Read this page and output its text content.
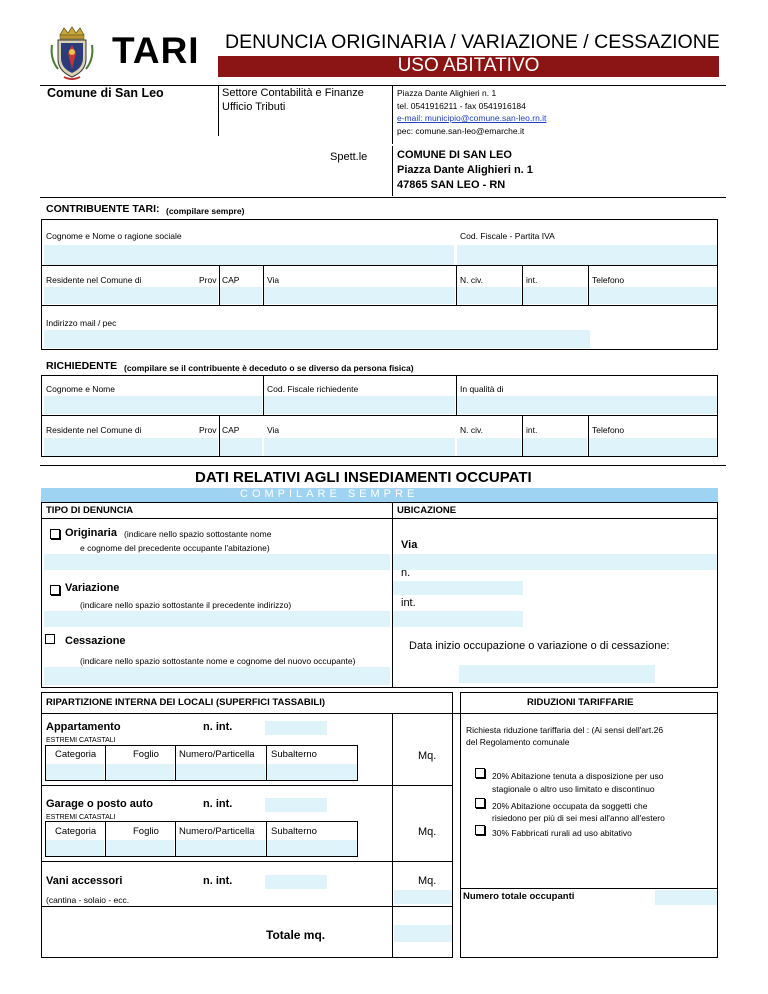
TARI DENUNCIA ORIGINARIA / VARIAZIONE / CESSAZIONE
USO ABITATIVO
Comune di San Leo	Settore Contabilità e Finanze
Ufficio Tributi
Piazza Dante Alighieri n. 1
tel. 0541916211 - fax 0541916184
e-mail: municipio@comune.san-leo.rn.it
pec: comune.san-leo@emarche.it
Spett.le	COMUNE DI SAN LEO
Piazza Dante Alighieri n. 1
47865 SAN LEO - RN
CONTRIBUENTE TARI: (compilare sempre)
Cognome e Nome o ragione sociale	Cod. Fiscale - Partita IVA
Residente nel Comune di	Prov CAP	Via	N. civ.	int.	Telefono
Indirizzo mail / pec
RICHIEDENTE (compilare se il contribuente è deceduto o se diverso da persona fisica)
Cognome e Nome	Cod. Fiscale richiedente	In qualità di
Residente nel Comune di	Prov CAP	Via	N. civ.	int.	Telefono
DATI RELATIVI AGLI INSEDIAMENTI OCCUPATI
COMPILARE SEMPRE
TIPO DI DENUNCIA	UBICAZIONE
Originaria (indicare nello spazio sottostante nome
e cognome del precedente occupante l'abitazione)
Variazione
(indicare nello spazio sottostante il precedente indirizzo)
Cessazione
(indicare nello spazio sottostante nome e cognome del nuovo occupante)
Via
n.
int.
Data inizio occupazione o variazione o di cessazione:
RIPARTIZIONE INTERNA DEI LOCALI (SUPERFICI TASSABILI)
Appartamento	n. int.
ESTREMI CATASTALI
Categoria	Foglio Numero/Particella Subalterno	Mq.
Garage o posto auto	n. int.
ESTREMI CATASTALI
Categoria	Foglio Numero/Particella Subalterno	Mq.
Vani accessori	n. int.	Mq.
(cantina - solaio - ecc.
Totale mq.
RIDUZIONI TARIFFARIE
Richiesta riduzione tariffaria del : (Ai sensi dell'art.26
del Regolamento comunale
20% Abitazione tenuta a disposizione per uso
stagionale o altro uso limitato e discontinuo
20% Abitazione occupata da soggetti che
risiedono per più di sei mesi all'anno all'estero
30% Fabbricati rurali ad uso abitativo
Numero totale occupanti
